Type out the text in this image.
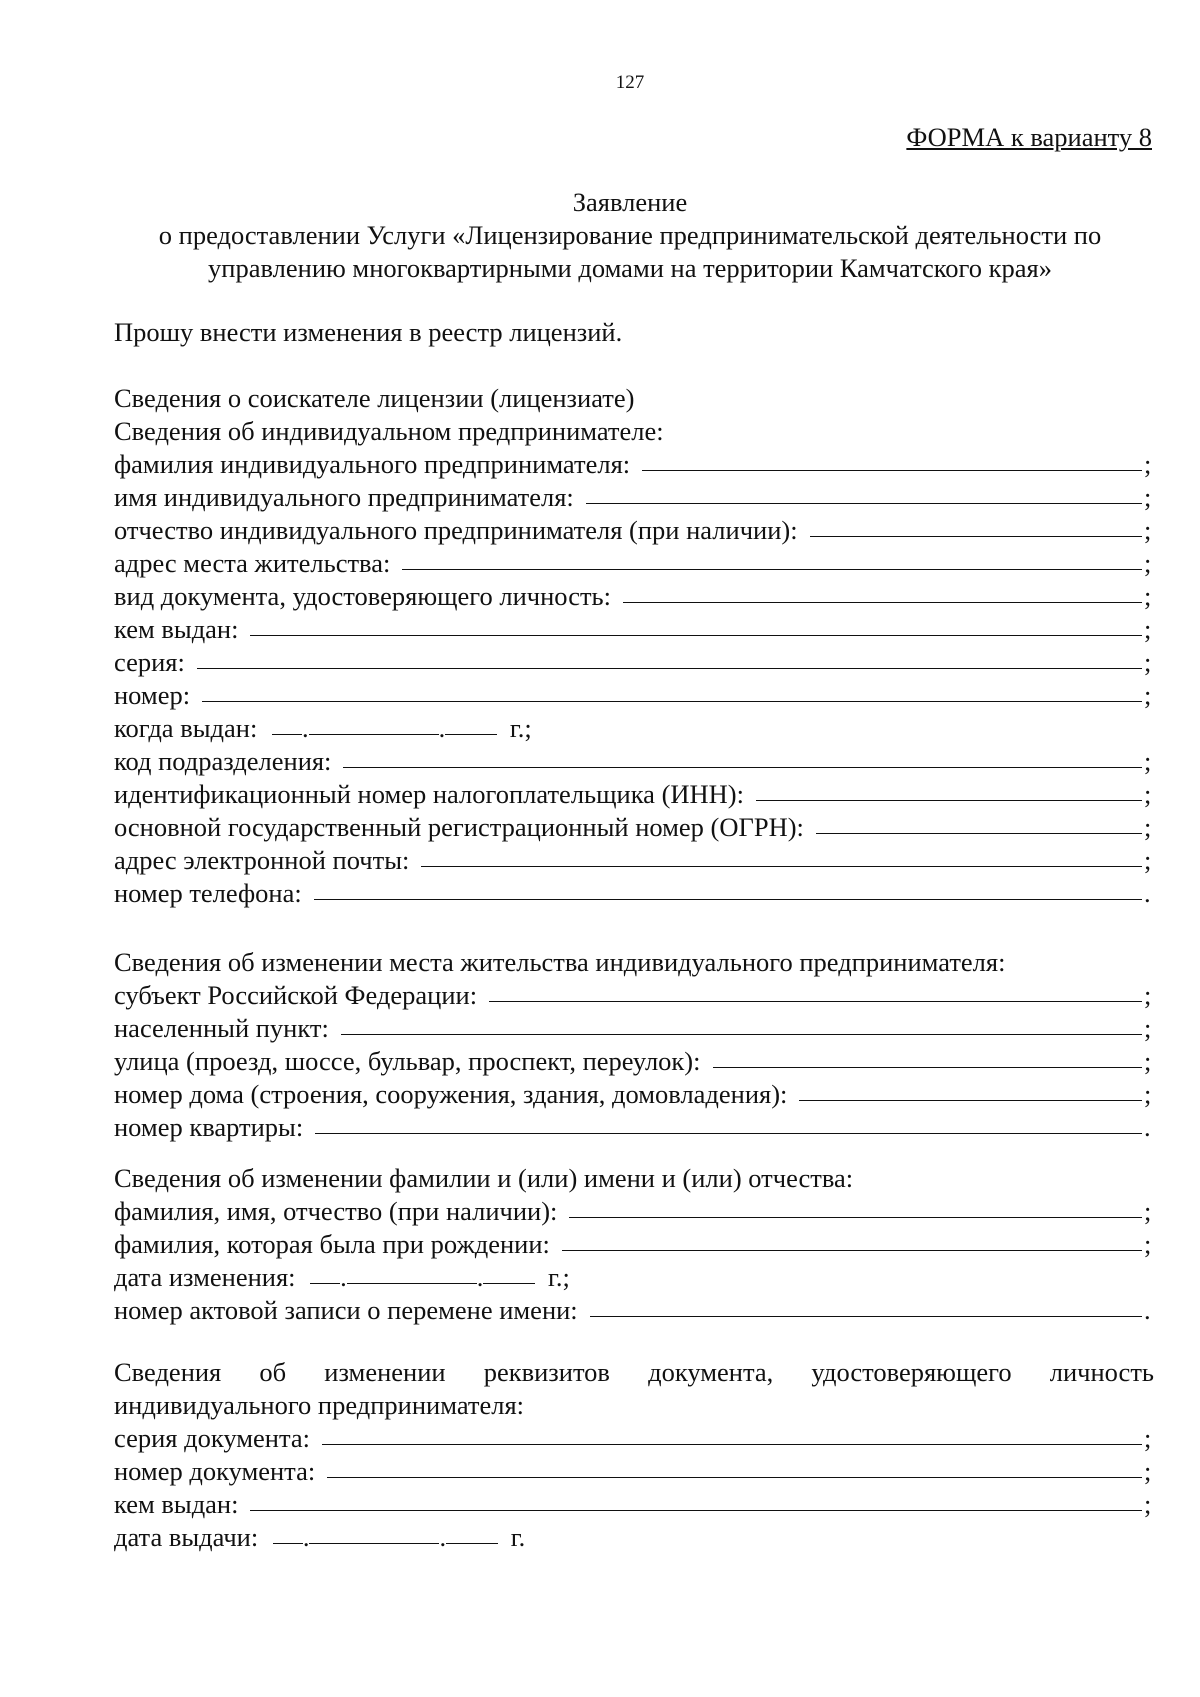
127
ФОРМА к варианту 8
Заявление
о предоставлении Услуги «Лицензирование предпринимательской деятельности по
управлению многоквартирными домами на территории Камчатского края»
Прошу внести изменения в реестр лицензий.
Сведения о соискателе лицензии (лицензиате)
Сведения об индивидуальном предпринимателе:
фамилия индивидуального предпринимателя:	;
имя индивидуального предпринимателя:	;
отчество индивидуального предпринимателя (при наличии):	;
адрес места жительства:	;
вид документа, удостоверяющего личность:	;
кем выдан:	;
серия:	;
номер:	;
когда выдан: .	. г.;
код подразделения:	;
идентификационный номер налогоплательщика (ИНН):	;
основной государственный регистрационный номер (ОГРН):	;
адрес электронной почты:	;
номер телефона:	.
Сведения об изменении места жительства индивидуального предпринимателя:
субъект Российской Федерации:	;
населенный пункт:	;
улица (проезд, шоссе, бульвар, проспект, переулок):	;
номер дома (строения, сооружения, здания, домовладения):	;
номер квартиры:	.
Сведения об изменении фамилии и (или) имени и (или) отчества:
фамилия, имя, отчество (при наличии):	;
фамилия, которая была при рождении:	;
дата изменения: .	. г.;
номер актовой записи о перемене имени:	.
Сведения об изменении реквизитов документа, удостоверяющего личность
индивидуального предпринимателя:
серия документа:	;
номер документа:	;
кем выдан:	;
дата выдачи: .	. г.
